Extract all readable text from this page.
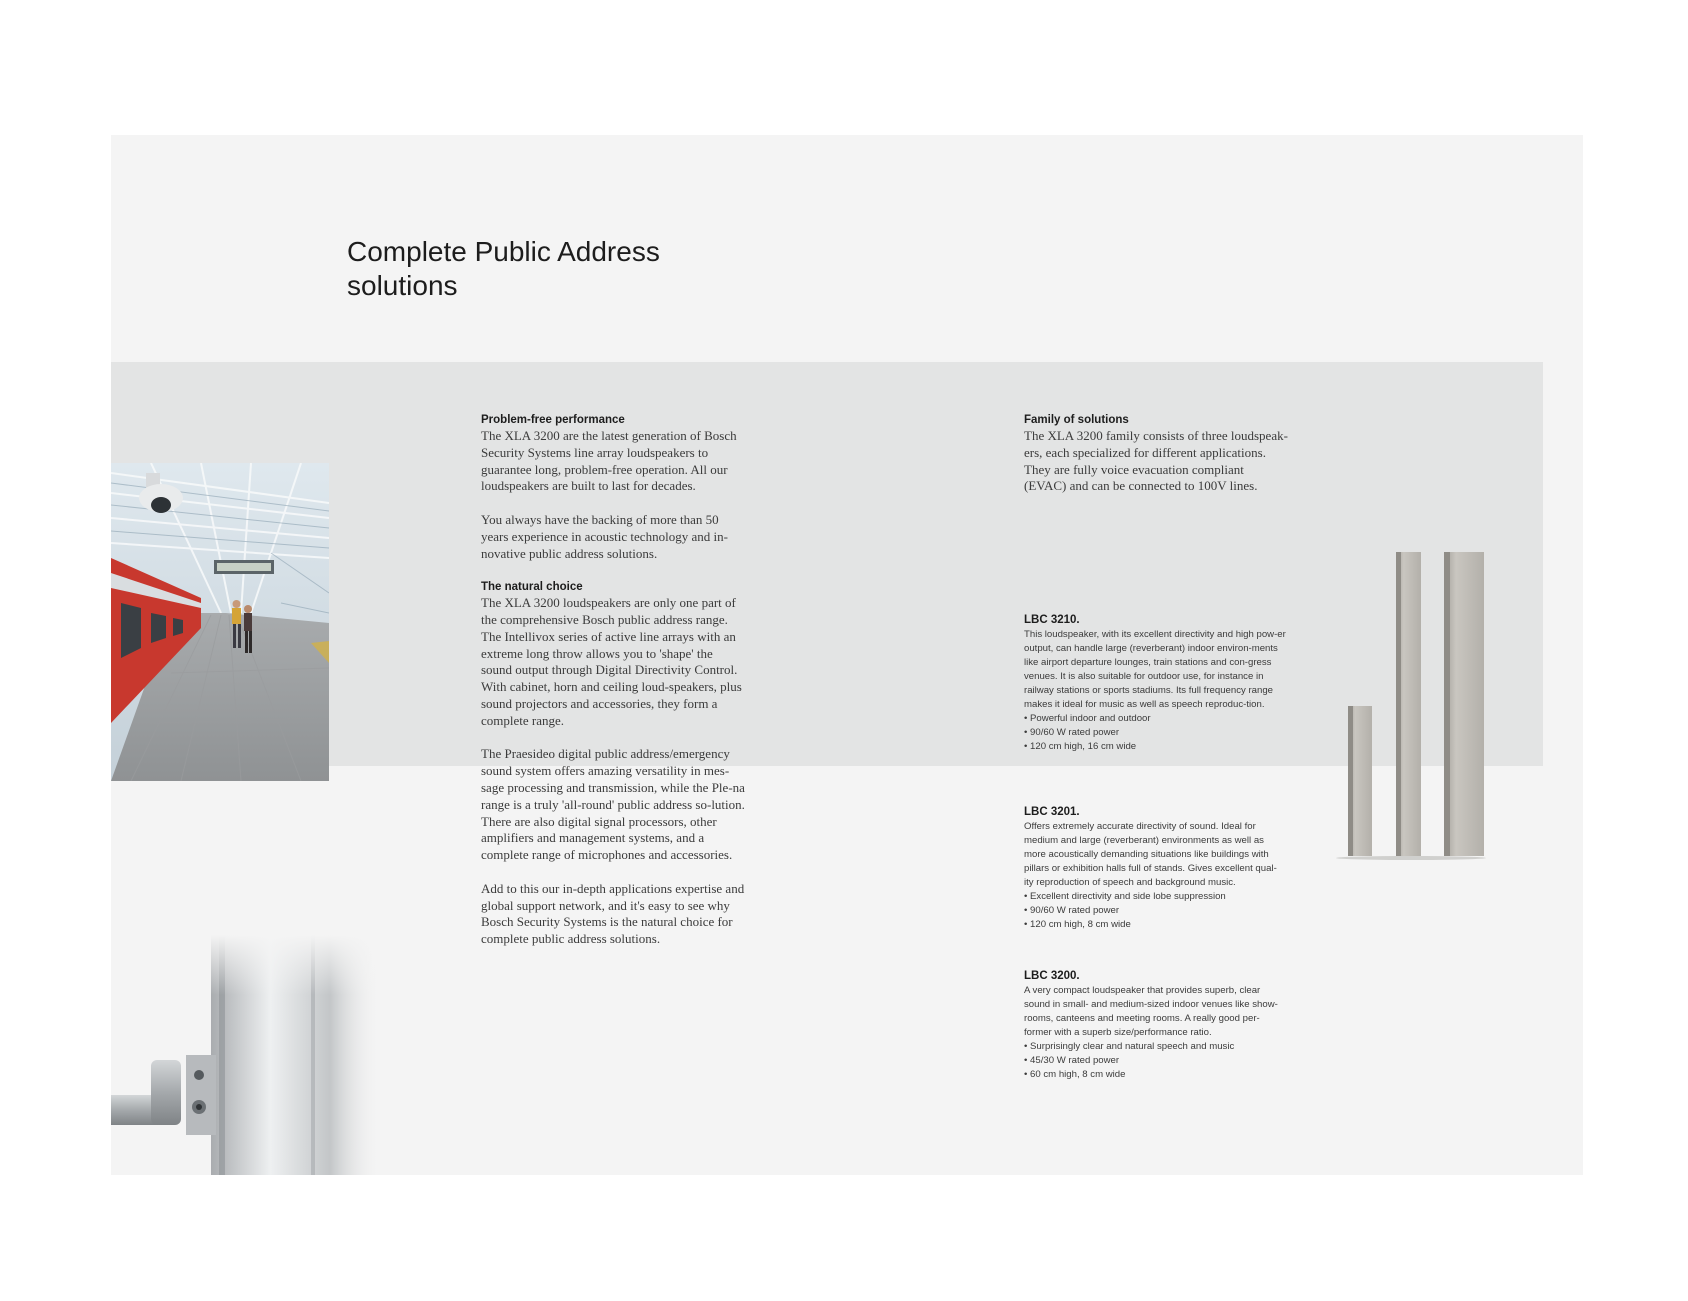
Complete Public Address
solutions

Problem-free performance

The XLA 3200 are the latest generation of Bosch Security Systems line array loudspeakers to guarantee long, problem-free operation. All our loudspeakers are built to last for decades.

You always have the backing of more than 50 years experience in acoustic technology and in-novative public address solutions.

The natural choice

The XLA 3200 loudspeakers are only one part of the comprehensive Bosch public address range. The Intellivox series of active line arrays with an extreme long throw allows you to 'shape' the sound output through Digital Directivity Control. With cabinet, horn and ceiling loud-speakers, plus sound projectors and accessories, they form a complete range.

The Praesideo digital public address/emergency sound system offers amazing versatility in mes-sage processing and transmission, while the Ple-na range is a truly 'all-round' public address so-lution. There are also digital signal processors, other amplifiers and management systems, and a complete range of microphones and accessories.

Add to this our in-depth applications expertise and global support network, and it's easy to see why Bosch Security Systems is the natural choice for complete public address solutions.

Family of solutions

The XLA 3200 family consists of three loudspeak-ers, each specialized for different applications. They are fully voice evacuation compliant (EVAC) and can be connected to 100V lines.

LBC 3210.

This loudspeaker, with its excellent directivity and high pow-er output, can handle large (reverberant) indoor environ-ments like airport departure lounges, train stations and con-gress venues. It is also suitable for outdoor use, for instance in railway stations or sports stadiums. Its full frequency range makes it ideal for music as well as speech reproduc-tion.

• Powerful indoor and outdoor
• 90/60 W rated power
• 120 cm high, 16 cm wide

LBC 3201.

Offers extremely accurate directivity of sound. Ideal for medium and large (reverberant) environments as well as more acoustically demanding situations like buildings with pillars or exhibition halls full of stands. Gives excellent qual-ity reproduction of speech and background music.

• Excellent directivity and side lobe suppression
• 90/60 W rated power
• 120 cm high, 8 cm wide

LBC 3200.

A very compact loudspeaker that provides superb, clear sound in small- and medium-sized indoor venues like show-rooms, canteens and meeting rooms. A really good per-former with a superb size/performance ratio.

• Surprisingly clear and natural speech and music
• 45/30 W rated power
• 60 cm high, 8 cm wide
